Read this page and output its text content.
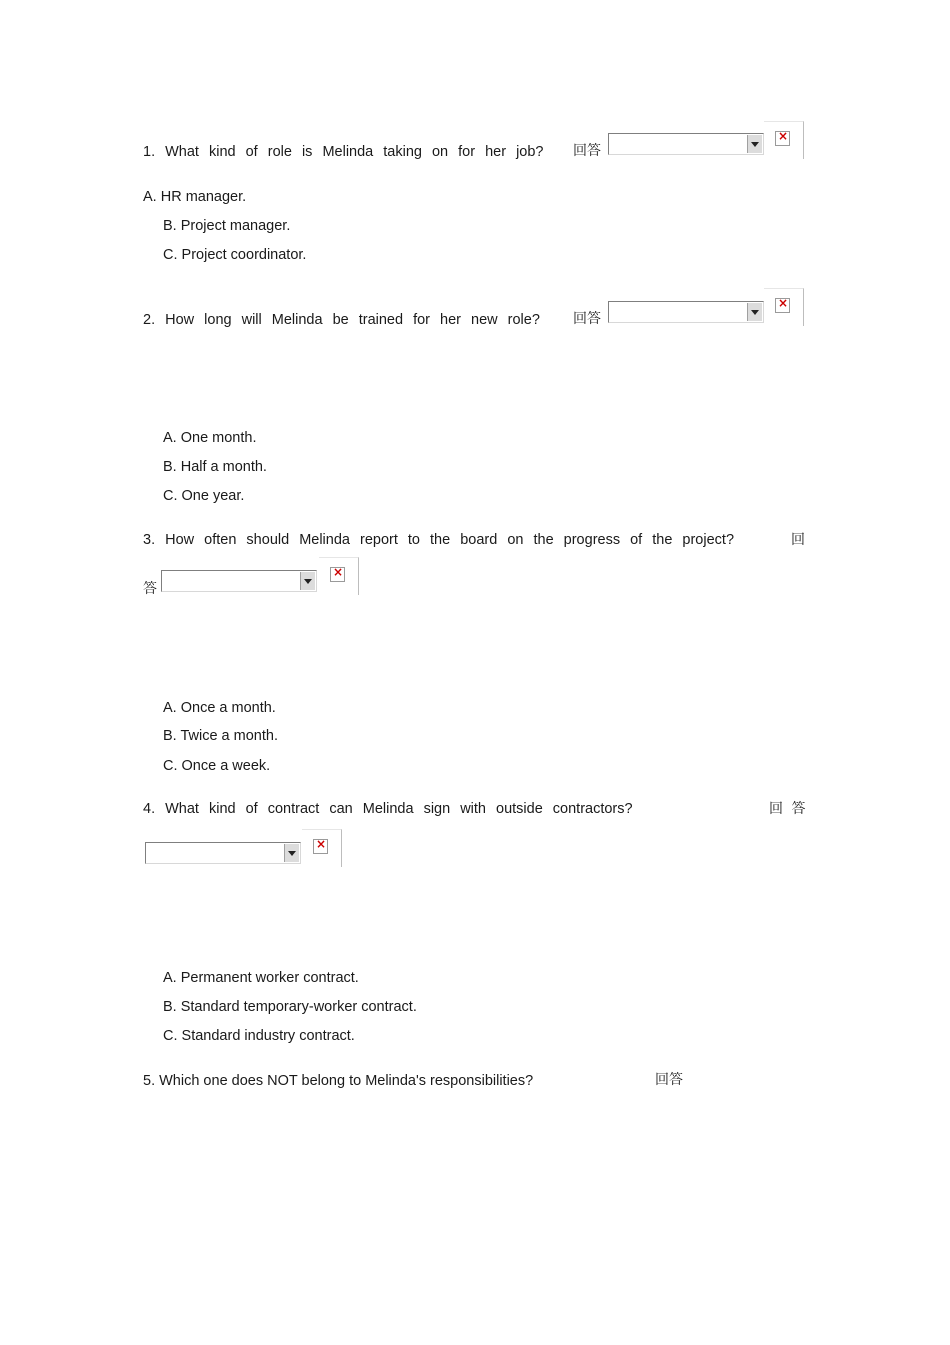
1. What kind of role is Melinda taking on for her job? 回答
×
A. HR manager.
B. Project manager.
C. Project coordinator.
2. How long will Melinda be trained for her new role? 回答
×
A. One month.
B. Half a month.
C. One year.
3. How often should Melinda report to the board on the progress of the project?	回
答
×
A. Once a month.
B. Twice a month.
C. Once a week.
4. What kind of contract can Melinda sign with outside contractors?	回 答
×
A. Permanent worker contract.
B. Standard temporary-worker contract.
C. Standard industry contract.
5. Which one does NOT belong to Melinda's responsibilities?	回答
